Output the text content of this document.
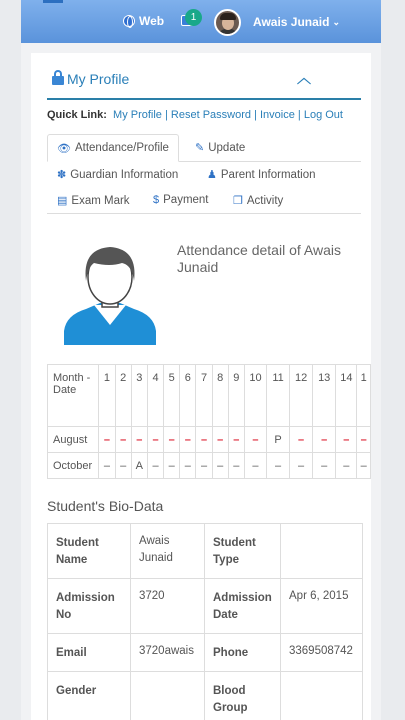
Web	1	Awais Junaid ⌄
My Profile	︿
Quick Link: My Profile | Reset Password | Invoice | Log Out
👁 Attendance/Profile ✎ Update
✽ Guardian Information	♟ Parent Information
▤ Exam Mark $ Payment ❐ Activity
Attendance detail of Awais Junaid
Month - Date	1	2	3	4	5	6	7	8	9	10	11	12	13	14	1
August	–	–	–	–	–	–	–	–	–	–	P	–	–	–	–
October	–	–	A	–	–	–	–	–	–	–	–	–	–	–	–
Student's Bio-Data
Student Name	Awais Junaid	Student Type	
Admission No	3720	Admission Date	Apr 6, 2015
Email	3720awais	Phone	3369508742
Gender		Blood Group	
